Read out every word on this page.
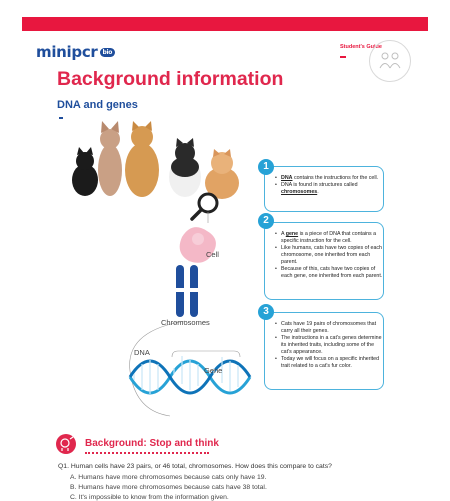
minipcr bio
Student's Guide
Background information
DNA and genes
Cell
Chromosomes
DNA
Gene
• DNA contains the instructions for the cell.
• DNA is found in structures called chromosomes.
1
• A gene is a piece of DNA that contains a specific instruction for the cell.
• Like humans, cats have two copies of each chromosome, one inherited from each parent.
• Because of this, cats have two copies of each gene, one inherited from each parent.
2
• Cats have 19 pairs of chromosomes that carry all their genes.
• The instructions in a cat's genes determine its inherited traits, including some of the cat's appearance.
• Today we will focus on a specific inherited trait related to a cat's fur color.
3
Background: Stop and think
Q1. Human cells have 23 pairs, or 46 total, chromosomes. How does this compare to cats?
A. Humans have more chromosomes because cats only have 19.
B. Humans have more chromosomes because cats have 38 total.
C. It's impossible to know from the information given.
